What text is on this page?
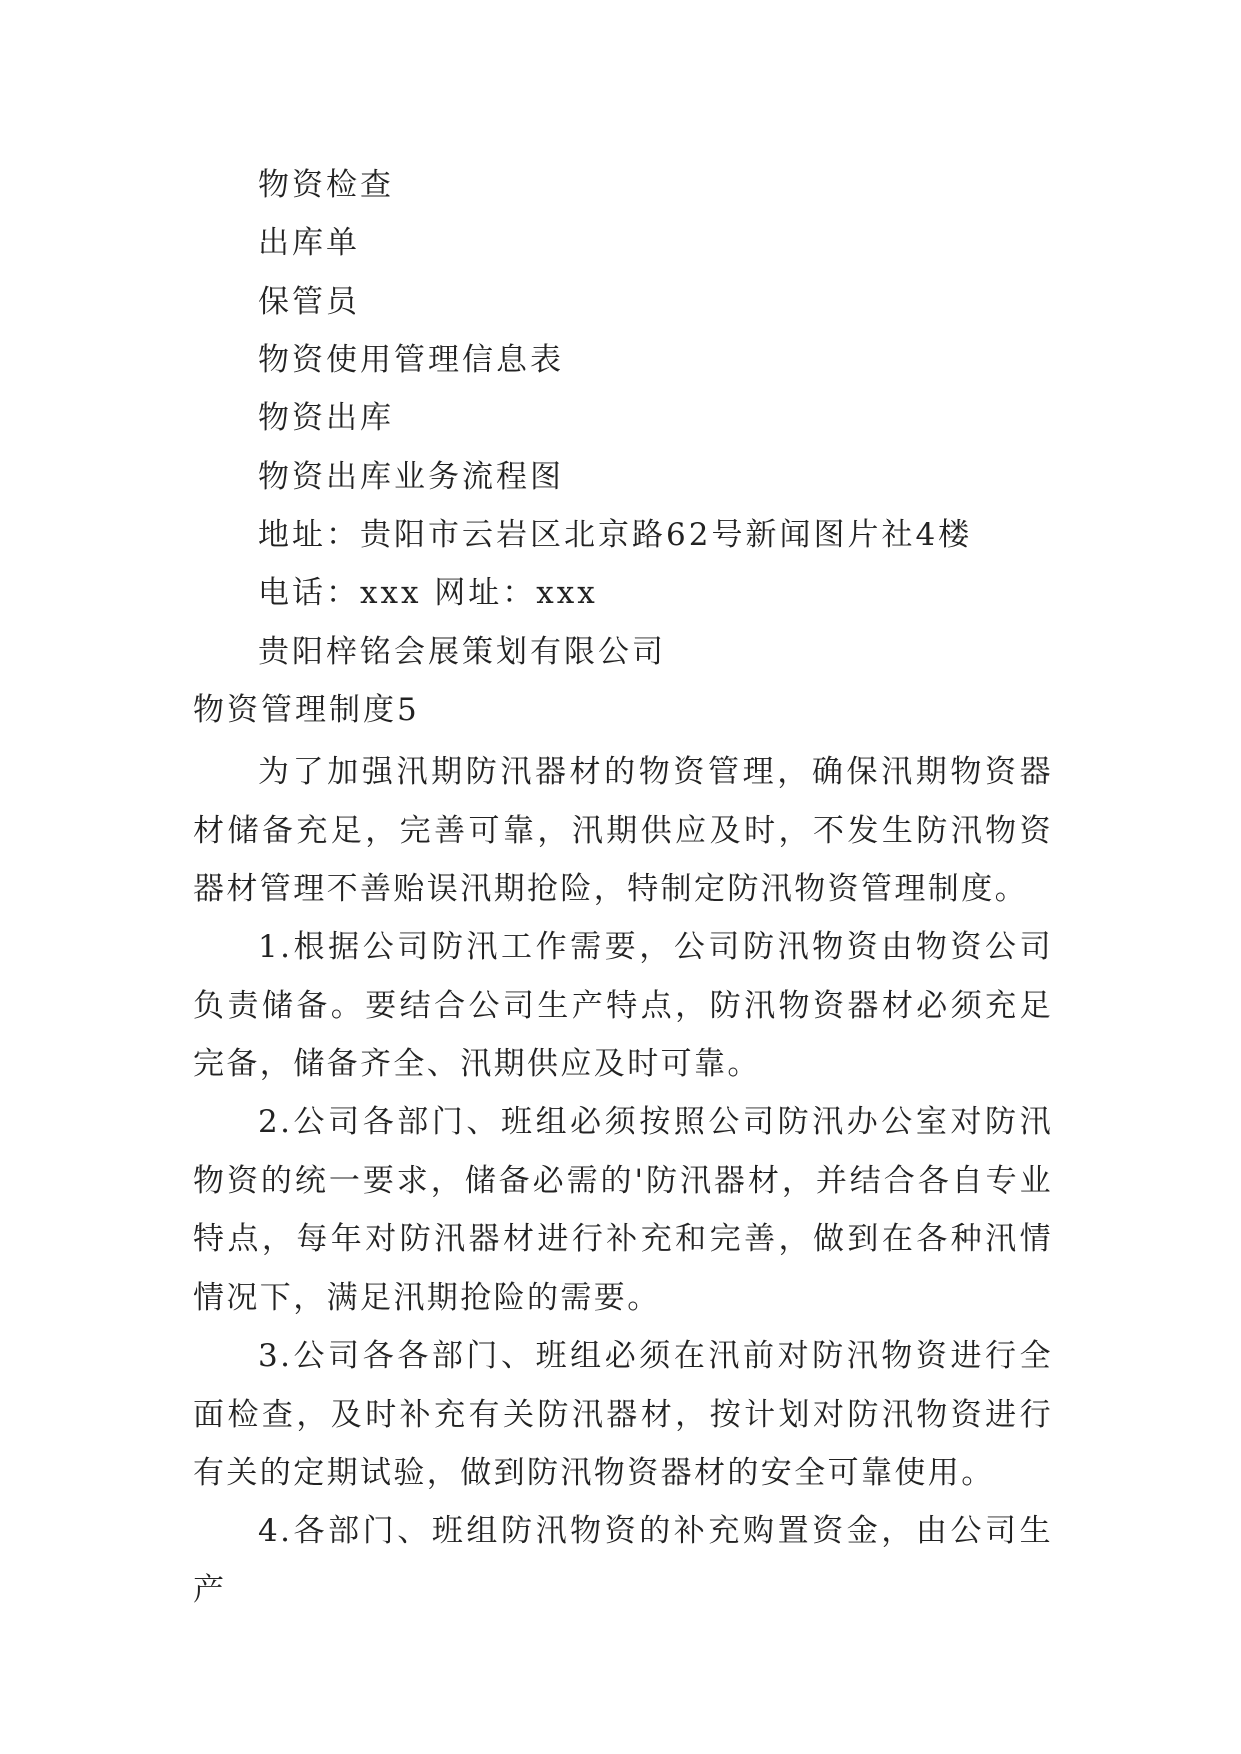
物资检查
出库单
保管员
物资使用管理信息表
物资出库
物资出库业务流程图
地址：贵阳市云岩区北京路62号新闻图片社4楼
电话：xxx 网址：xxx
贵阳梓铭会展策划有限公司
物资管理制度5

为了加强汛期防汛器材的物资管理，确保汛期物资器材储备充足，完善可靠，汛期供应及时，不发生防汛物资器材管理不善贻误汛期抢险，特制定防汛物资管理制度。

1.根据公司防汛工作需要，公司防汛物资由物资公司负责储备。要结合公司生产特点，防汛物资器材必须充足完备，储备齐全、汛期供应及时可靠。

2.公司各部门、班组必须按照公司防汛办公室对防汛物资的统一要求，储备必需的'防汛器材，并结合各自专业特点，每年对防汛器材进行补充和完善，做到在各种汛情情况下，满足汛期抢险的需要。

3.公司各各部门、班组必须在汛前对防汛物资进行全面检查，及时补充有关防汛器材，按计划对防汛物资进行有关的定期试验，做到防汛物资器材的安全可靠使用。

4.各部门、班组防汛物资的补充购置资金，由公司生产
